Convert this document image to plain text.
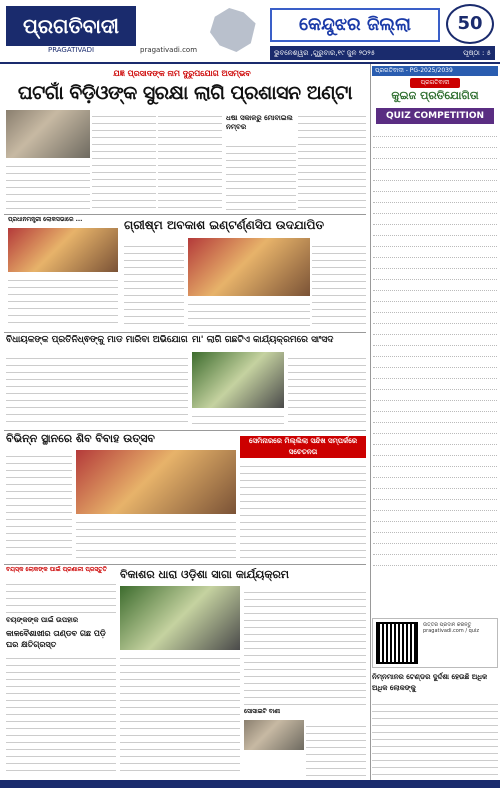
ପ୍ରଗତିବାଦୀ
PRAGATIVADI	pragativadi.com
କେନ୍ଦୁଝର ଜିଲ୍ଲା	50
ଭୁବନେଶ୍ୱର ,ଗୁରୁବାର,୧୯ ଜୁନ ୨୦୨୫	ପୃଷ୍ଠା : ୫
ଯଜ୍ଞ ପ୍ରସାଦଙ୍କ ନାମ ଦୁରୁପଯୋଗ ଅସମ୍ଭବ
ଘଟଗାଁ ବିଡ଼ିଓଙ୍କ ସୁରକ୍ଷା ଲାଗି ପ୍ରଶାସନ ଅଣ୍ଟା
ଧଷା ସକାଳରୁ ମୋବାଇଲ ନମ୍ବର
ପ୍ରଧାନମନ୍ତ୍ରୀ ଲୋକସଭାରେ ...	ଗ୍ରୀଷ୍ମ ଅବକାଶ ଇଣ୍ଟର୍ଣ୍ଣସିପ ଉଦଯାପିତ
ବିଧାୟକଙ୍କ ପ୍ରତିନିଧ୍ଵଙ୍କୁ ମାଡ ମାରିବା ଅଭିଯୋଗ ମା' ଲାଗି ଗଛଟିଏ କାର୍ଯ୍ୟକ୍ରମରେ ସାଂସଦ
ବିଭିନ୍ନ ସ୍ଥାନରେ ଶିବ ବିବାହ ଉତ୍ସବ	ସେମିନାରରେ ମିଲ୍ଲିଲା ସନ୍ଦିଖ ସମ୍ପର୍କରେ ସଚେତନତା
ବୟସ୍କ ଲୋକଙ୍କ ପାଇଁ ପ୍ରଣାଳୀ ପ୍ରସ୍ତୁତି
ବୟଙ୍କଙ୍କ ପାଇଁ ଉପହାର
କାଳବୈଶାଖୀର ତାଣ୍ଡବ ଗଛ ପଡ଼ି ଘର କ୍ଷତିଗ୍ରସ୍ତ
ବିକାଶର ଧାରା ଓଡ଼ିଶା ସାଗା କାର୍ଯ୍ୟକ୍ରମ
ସୋସାଇଟି ବାଣୀ
ପ୍ରଗତିବାଦୀ - PG-2025/2039
ପ୍ରଗତିବାଦୀ
କୁଇଜ ପ୍ରତିଯୋଗିତା
QUIZ COMPETITION
ଉତ୍ତର ପ୍ରଦାନ କରନ୍ତୁ pragativadi.com / quiz
ନିମ୍ନମାନର ଟେଣ୍ଡର ଦୁର୍ଦ୍ଦଶା ହେଉଛି ଅଧିକ ଅଧିକ ଲୋକଙ୍କୁ
